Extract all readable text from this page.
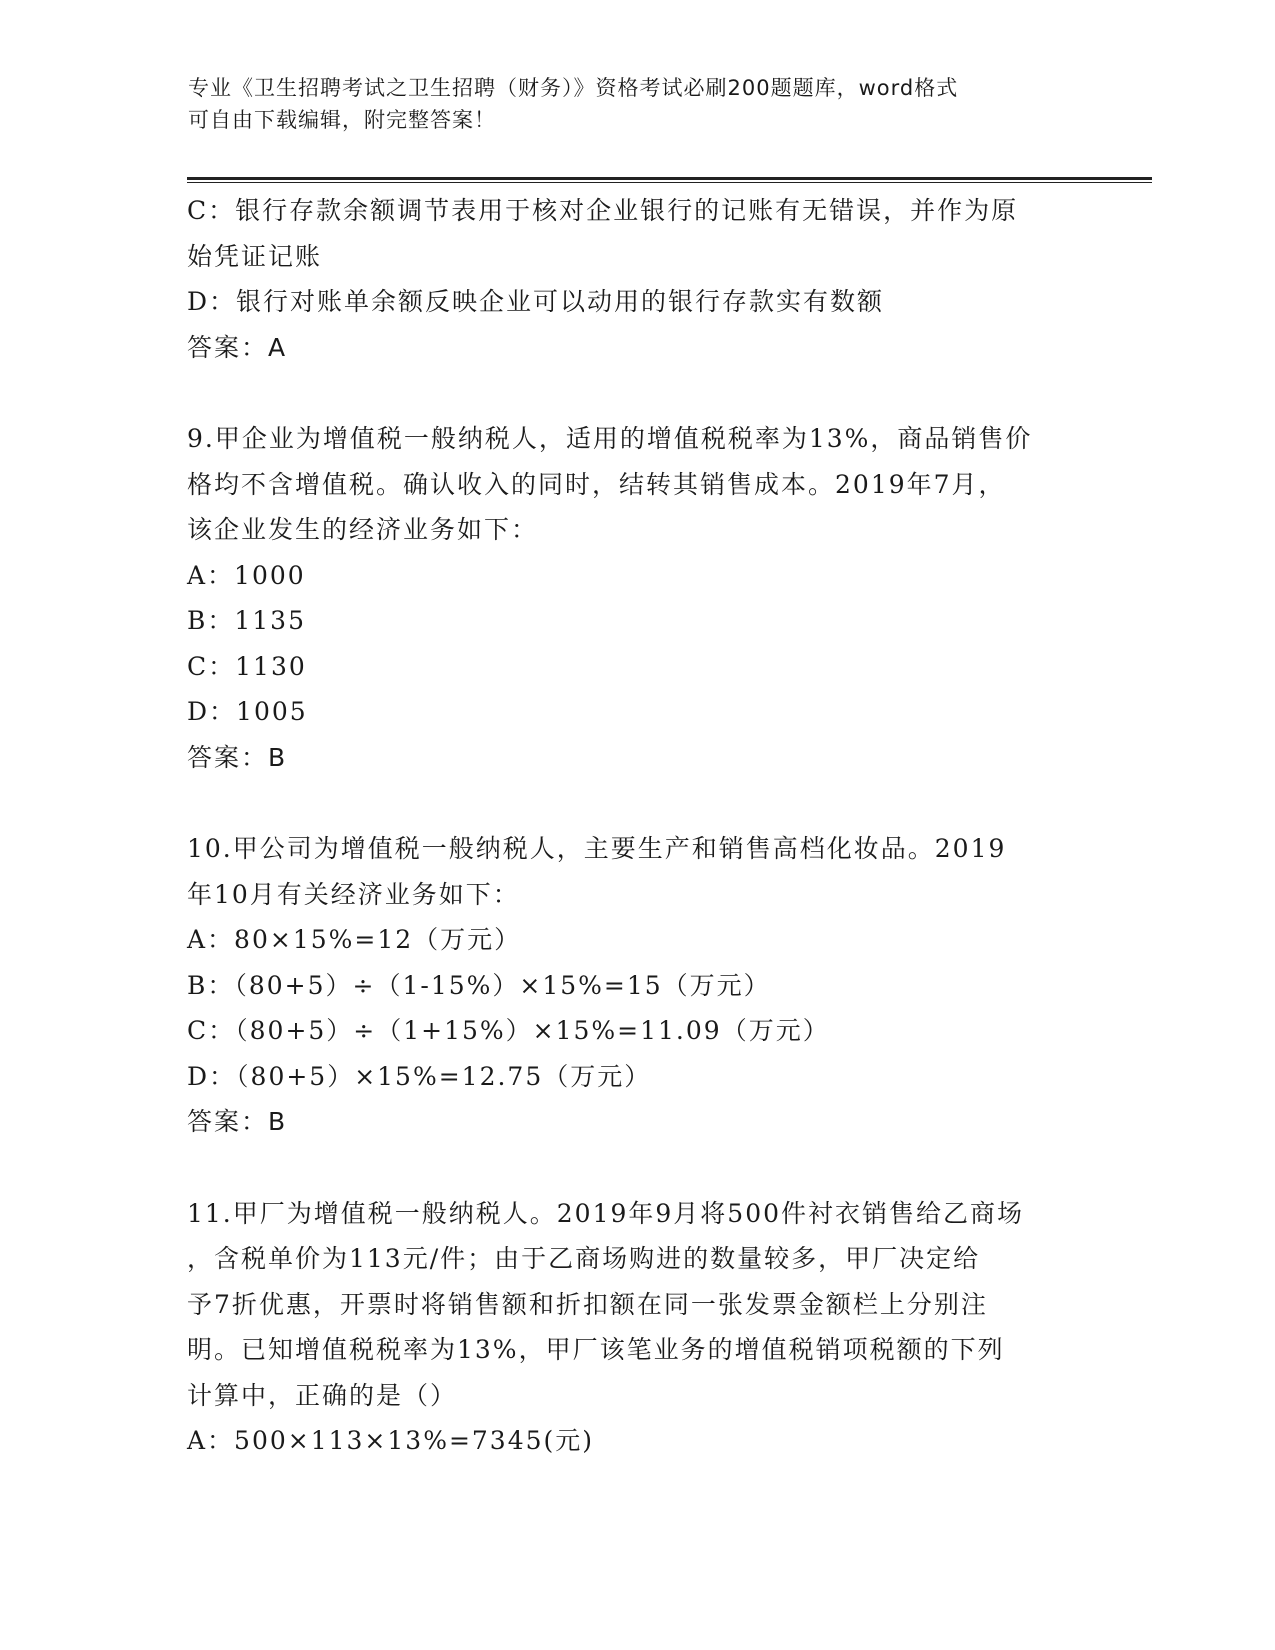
专业《卫生招聘考试之卫生招聘（财务）》资格考试必刷200题题库，word格式
可自由下载编辑，附完整答案！
C：银行存款余额调节表用于核对企业银行的记账有无错误，并作为原
始凭证记账
D：银行对账单余额反映企业可以动用的银行存款实有数额
答案：A
9.甲企业为增值税一般纳税人，适用的增值税税率为13%，商品销售价
格均不含增值税。确认收入的同时，结转其销售成本。2019年7月，
该企业发生的经济业务如下：
A：1000
B：1135
C：1130
D：1005
答案：B
10.甲公司为增值税一般纳税人，主要生产和销售高档化妆品。2019
年10月有关经济业务如下：
A：80×15%=12（万元）
B：（80+5）÷（1-15%）×15%=15（万元）
C：（80+5）÷（1+15%）×15%=11.09（万元）
D：（80+5）×15%=12.75（万元）
答案：B
11.甲厂为增值税一般纳税人。2019年9月将500件衬衣销售给乙商场
，含税单价为113元/件；由于乙商场购进的数量较多，甲厂决定给
予7折优惠，开票时将销售额和折扣额在同一张发票金额栏上分别注
明。已知增值税税率为13%，甲厂该笔业务的增值税销项税额的下列
计算中，正确的是（）
A：500×113×13%=7345(元)
